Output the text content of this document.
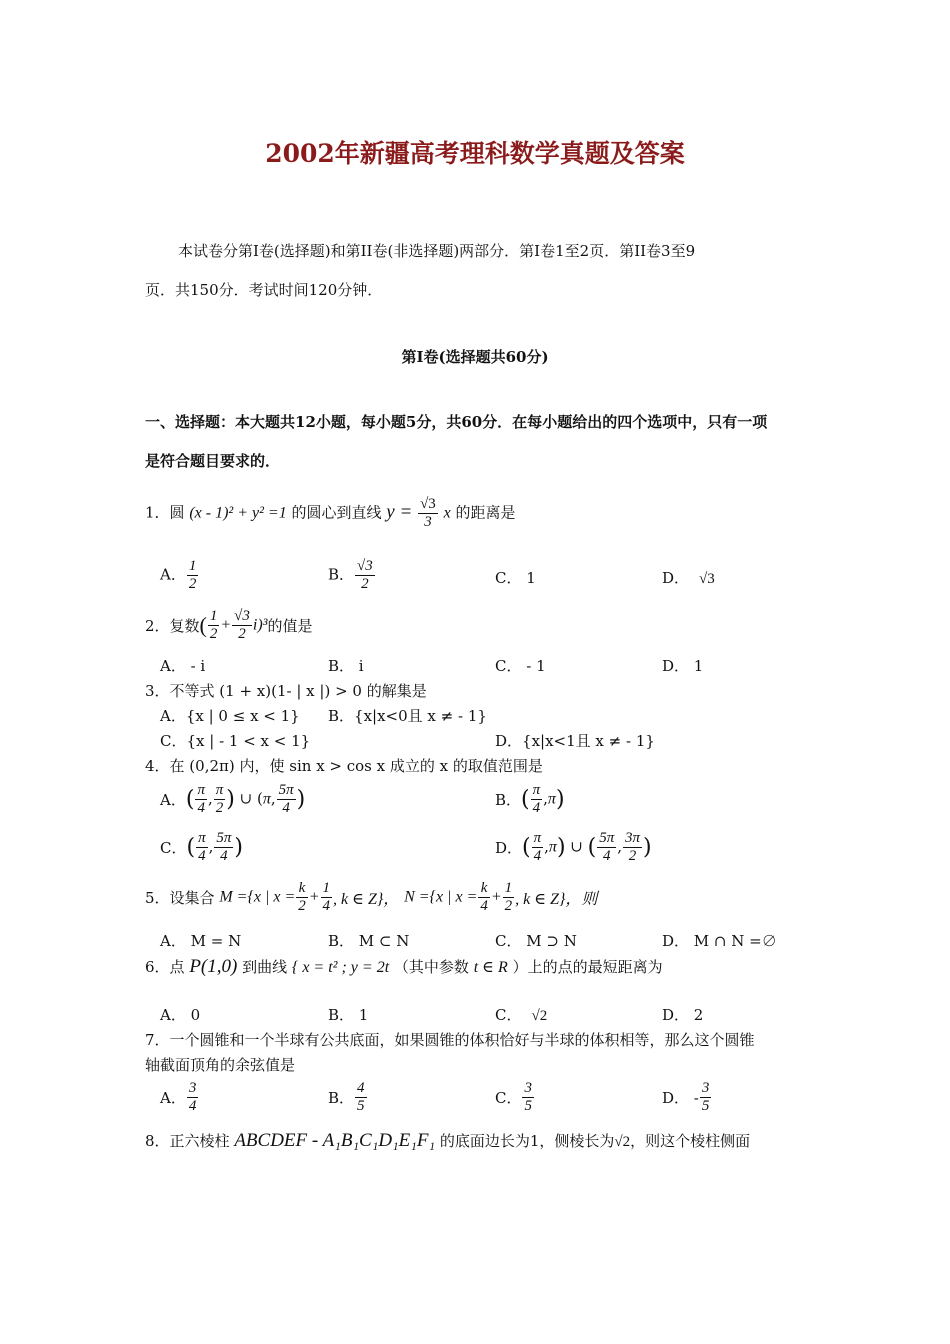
2002年新疆高考理科数学真题及答案
本试卷分第Ⅰ卷(选择题)和第II卷(非选择题)两部分．第Ⅰ卷1至2页．第II卷3至9
页．共150分．考试时间120分钟．
第Ⅰ卷(选择题共60分)
一、选择题：本大题共12小题，每小题5分，共60分．在每小题给出的四个选项中，只有一项
是符合题目要求的．
1．圆 (x - 1)² + y² =1 的圆心到直线 $y = \frac{√3}{3}$ x 的距离是
A． $\frac{1}{2}$	B． $\frac{√3}{2}$	C． 1	D． √3
2．复数( $\frac{1}{2} + \frac{√3}{2} i)^3$的值是
A． - i	B． i	C． - 1	D． 1
3．不等式 (1 + x)(1- | x |) > 0 的解集是
A．{x | 0 ≤ x < 1} B．{x|x<0且 x ≠ - 1}
C．{x | - 1 < x < 1}	D．{x|x<1且 x ≠ - 1}
4．在 (0,2π) 内，使 sin x > cos x 成立的 x 的取值范围是
A．( $\frac{\pi}{4}$ , $\frac{\pi}{2}$ ) ∪ (π, $\frac{5\pi}{4}$ )	B．( $\frac{\pi}{4} ,\pi$)
C．( $\frac{\pi}{4}$ , $\frac{5\pi}{4}$ )	D．( $\frac{\pi}{4} ,\pi$) ∪ ( $\frac{5\pi}{4}$ , $\frac{3\pi}{2}$ )
5．设集合 M ={x | $x = \frac{k}{2} + \frac{1}{4}$ , k ∈ Z}， N ={x | $x = \frac{k}{4} + \frac{1}{2}$ , k ∈ Z}，则
A． M = N	B． M ⊂ N	C． M ⊃ N	D． M ∩ N =∅
6．点 P(1,0) 到曲线 { x = t² ; y = 2t （其中参数 t ∈ R ）上的点的最短距离为
A． 0	B． 1	C． √2	D． 2
7．一个圆锥和一个半球有公共底面，如果圆锥的体积恰好与半球的体积相等，那么这个圆锥
轴截面顶角的余弦值是
A． $\frac{3}{4}$	B． $\frac{4}{5}$	C． $\frac{3}{5}$	D． - $\frac{3}{5}$
8．正六棱柱 ABCDEF - A₁B₁C₁D₁E₁F₁ 的底面边长为1，侧棱长为√2，则这个棱柱侧面
